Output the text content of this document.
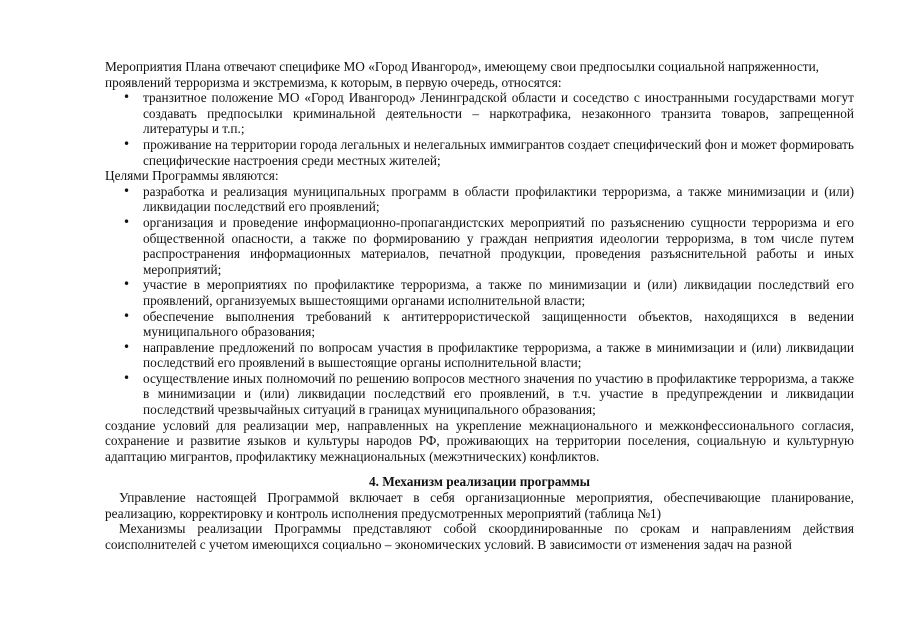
Мероприятия Плана отвечают специфике МО «Город Ивангород», имеющему свои предпосылки социальной напряженности, проявлений терроризма и экстремизма, к которым, в первую очередь, относятся:

• транзитное положение МО «Город Ивангород» Ленинградской области и соседство с иностранными государствами могут создавать предпосылки криминальной деятельности – наркотрафика, незаконного транзита товаров, запрещенной литературы и т.п.;
• проживание на территории города легальных и нелегальных иммигрантов создает специфический фон и может формировать специфические настроения среди местных жителей;

Целями Программы являются:

• разработка и реализация муниципальных программ в области профилактики терроризма, а также минимизации и (или) ликвидации последствий его проявлений;
• организация и проведение информационно-пропагандистских мероприятий по разъяснению сущности терроризма и его общественной опасности, а также по формированию у граждан неприятия идеологии терроризма, в том числе путем распространения информационных материалов, печатной продукции, проведения разъяснительной работы и иных мероприятий;
• участие в мероприятиях по профилактике терроризма, а также по минимизации и (или) ликвидации последствий его проявлений, организуемых вышестоящими органами исполнительной власти;
• обеспечение выполнения требований к антитеррористической защищенности объектов, находящихся в ведении муниципального образования;
• направление предложений по вопросам участия в профилактике терроризма, а также в минимизации и (или) ликвидации последствий его проявлений в вышестоящие органы исполнительной власти;
• осуществление иных полномочий по решению вопросов местного значения по участию в профилактике терроризма, а также в минимизации и (или) ликвидации последствий его проявлений, в т.ч. участие в предупреждении и ликвидации последствий чрезвычайных ситуаций в границах муниципального образования;

создание условий для реализации мер, направленных на укрепление межнационального и межконфессионального согласия, сохранение и развитие языков и культуры народов РФ, проживающих на территории поселения, социальную и культурную адаптацию мигрантов, профилактику межнациональных (межэтнических) конфликтов.

4. Механизм реализации программы

Управление настоящей Программой включает в себя организационные мероприятия, обеспечивающие планирование, реализацию, корректировку и контроль исполнения предусмотренных мероприятий (таблица №1)

Механизмы реализации Программы представляют собой скоординированные по срокам и направлениям действия соисполнителей с учетом имеющихся социально – экономических условий. В зависимости от изменения задач на разной
